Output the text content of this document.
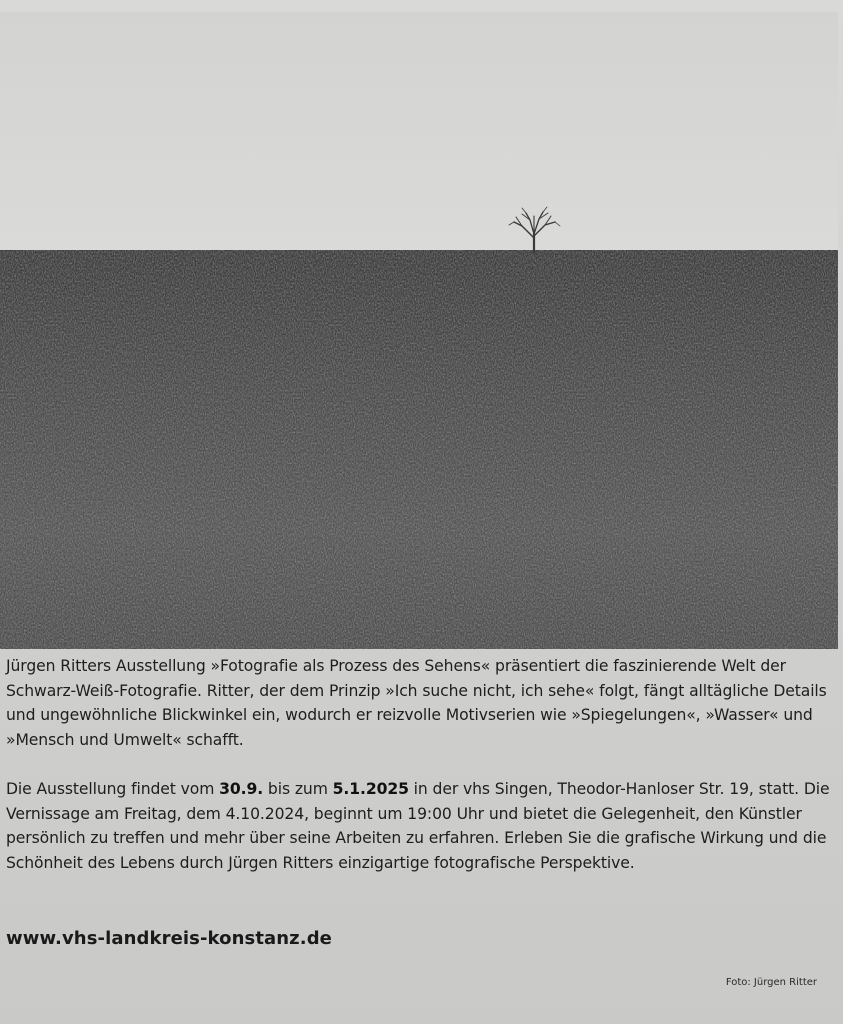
Jürgen Ritters Ausstellung »Fotografie als Prozess des Sehens« präsentiert die faszinierende Welt der Schwarz-Weiß-Fotografie. Ritter, der dem Prinzip »Ich suche nicht, ich sehe« folgt, fängt alltägliche Details und ungewöhnliche Blickwinkel ein, wodurch er reizvolle Motivserien wie »Spiegelungen«, »Wasser« und »Mensch und Umwelt« schafft.

Die Ausstellung findet vom 30.9. bis zum 5.1.2025 in der vhs Singen, Theodor-Hanloser Str. 19, statt. Die Vernissage am Freitag, dem 4.10.2024, beginnt um 19:00 Uhr und bietet die Gelegenheit, den Künstler persönlich zu treffen und mehr über seine Arbeiten zu erfahren. Erleben Sie die grafische Wirkung und die Schönheit des Lebens durch Jürgen Ritters einzigartige fotografische Perspektive.

www.vhs-landkreis-konstanz.de
Foto: Jürgen Ritter
